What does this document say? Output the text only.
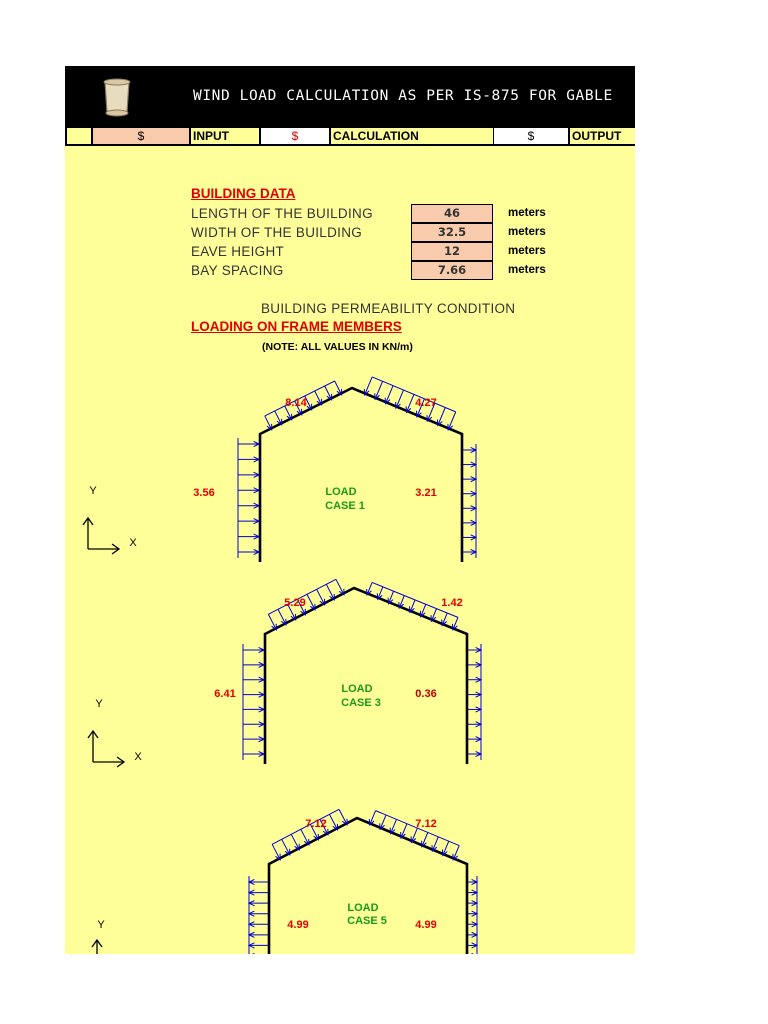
WIND LOAD CALCULATION AS PER IS-875 FOR GABLE
$	INPUT	$	CALCULATION	$	OUTPUT
BUILDING DATA
LENGTH OF THE BUILDING	46	meters
WIDTH OF THE BUILDING	32.5	meters
EAVE HEIGHT	12	meters
BAY SPACING	7.66	meters
BUILDING PERMEABILITY CONDITION
LOADING ON FRAME MEMBERS
(NOTE: ALL VALUES IN KN/m)
LOAD
CASE 1
8.14	4.27
3.56	3.21
LOAD
CASE 3
5.29	1.42
6.41	0.36
LOAD
CASE 5
7.12	7.12
4.99	4.99
Y
X
Y
X
Y
